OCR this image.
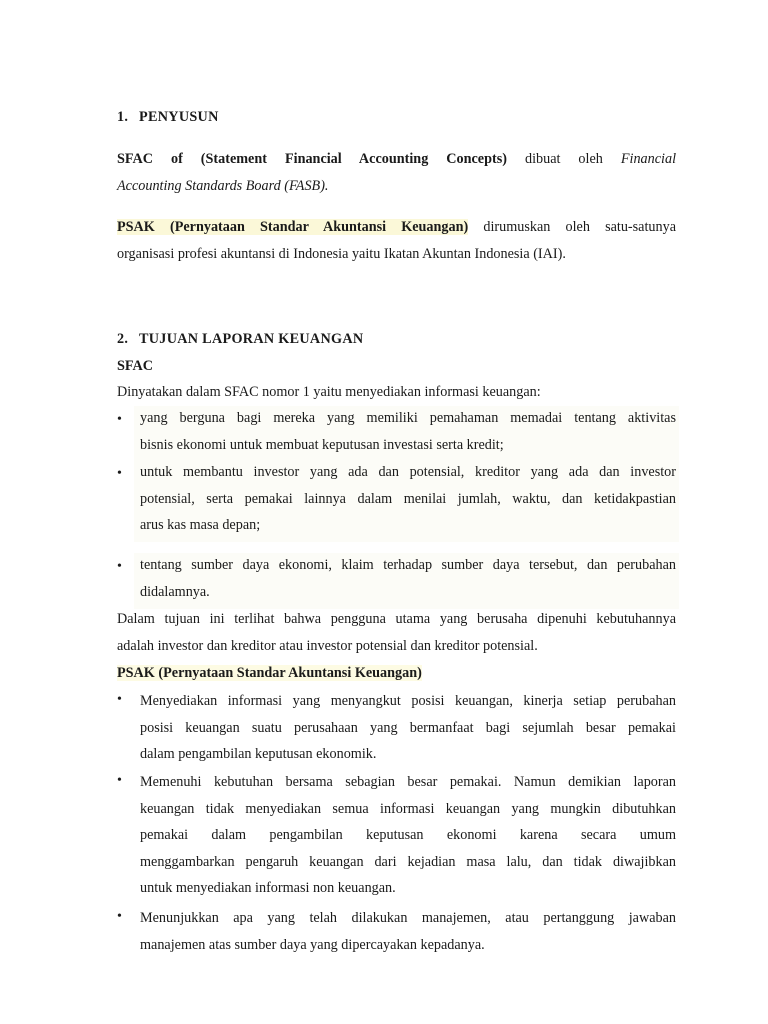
1. PENYUSUN
SFAC of (Statement Financial Accounting Concepts) dibuat oleh Financial
Accounting Standards Board (FASB).
PSAK (Pernyataan Standar Akuntansi Keuangan) dirumuskan oleh satu-satunya
organisasi profesi akuntansi di Indonesia yaitu Ikatan Akuntan Indonesia (IAI).
2. TUJUAN LAPORAN KEUANGAN
SFAC
Dinyatakan dalam SFAC nomor 1 yaitu menyediakan informasi keuangan:
•	yang berguna bagi mereka yang memiliki pemahaman memadai tentang aktivitas
bisnis ekonomi untuk membuat keputusan investasi serta kredit;
•	untuk membantu investor yang ada dan potensial, kreditor yang ada dan investor
potensial, serta pemakai lainnya dalam menilai jumlah, waktu, dan ketidakpastian
arus kas masa depan;
•	tentang sumber daya ekonomi, klaim terhadap sumber daya tersebut, dan perubahan
didalamnya.
Dalam tujuan ini terlihat bahwa pengguna utama yang berusaha dipenuhi kebutuhannya
adalah investor dan kreditor atau investor potensial dan kreditor potensial.
PSAK (Pernyataan Standar Akuntansi Keuangan)
•	Menyediakan informasi yang menyangkut posisi keuangan, kinerja setiap perubahan
posisi keuangan suatu perusahaan yang bermanfaat bagi sejumlah besar pemakai
dalam pengambilan keputusan ekonomik.
•	Memenuhi kebutuhan bersama sebagian besar pemakai. Namun demikian laporan
keuangan tidak menyediakan semua informasi keuangan yang mungkin dibutuhkan
pemakai dalam pengambilan keputusan ekonomi karena secara umum
menggambarkan pengaruh keuangan dari kejadian masa lalu, dan tidak diwajibkan
untuk menyediakan informasi non keuangan.
•	Menunjukkan apa yang telah dilakukan manajemen, atau pertanggung jawaban
manajemen atas sumber daya yang dipercayakan kepadanya.
